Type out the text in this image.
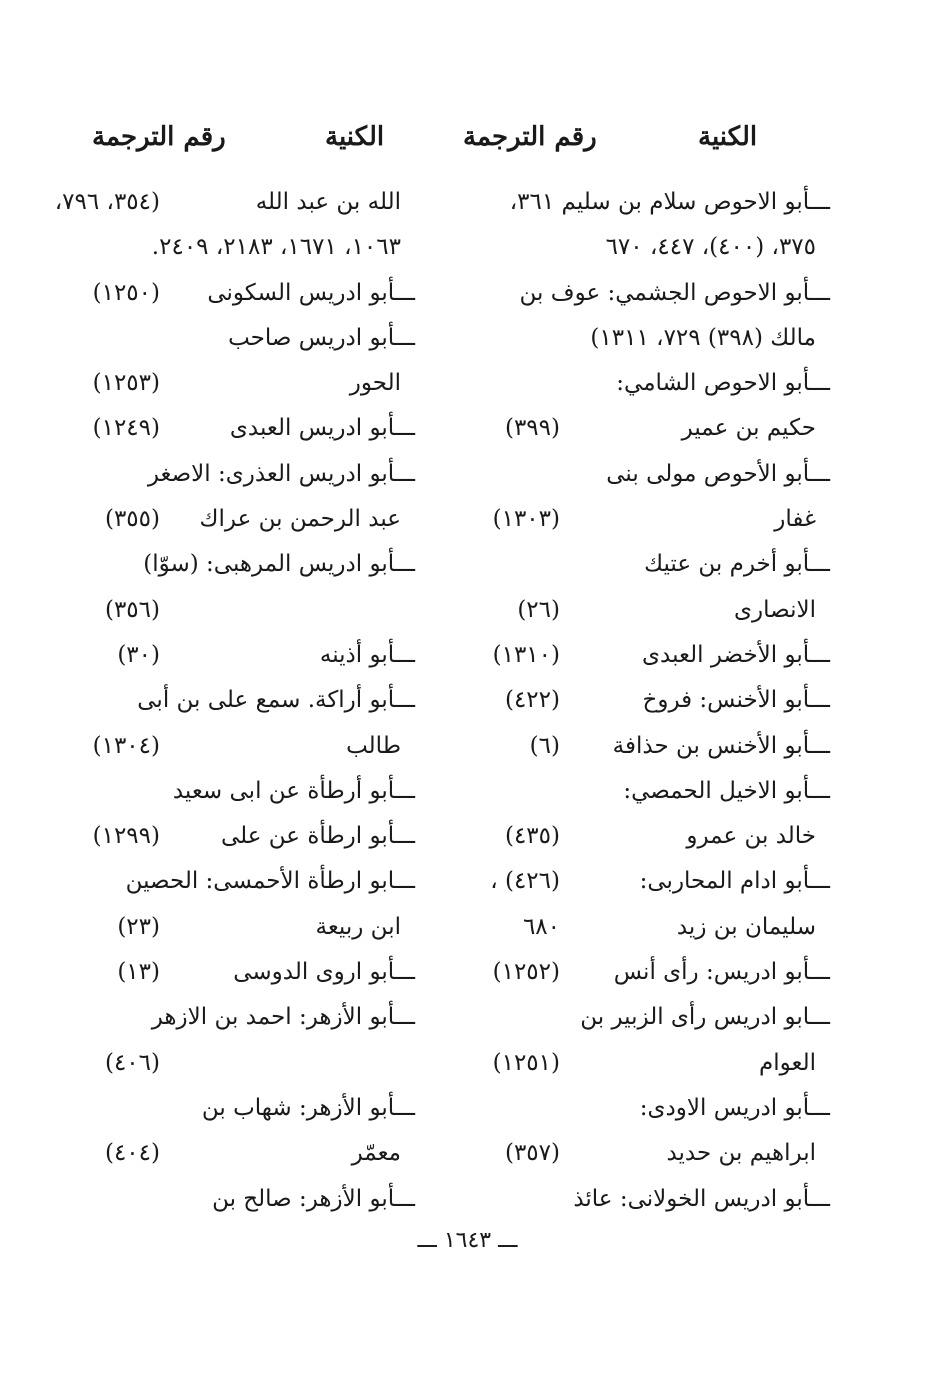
الكنية
رقم الترجمة
الكنية
رقم الترجمة
ـــأبو الاحوص سلام بن سليم ٣٦١،
٣٧٥، (٤٠٠)، ٤٤٧، ٦٧٠
ـــأبو الاحوص الجشمي: عوف بن
مالك (٣٩٨) ٧٢٩، ١٣١١)
ـــأبو الاحوص الشامي:
حكيم بن عمير
(٣٩٩)
ـــأبو الأحوص مولى بنى
غفار
(١٣٠٣)
ـــأبو أخرم بن عتيك
الانصارى
(٢٦)
ـــأبو الأخضر العبدى
(١٣١٠)
ـــأبو الأخنس: فروخ
(٤٢٢)
ـــأبو الأخنس بن حذافة
(٦)
ـــأبو الاخيل الحمصي:
خالد بن عمرو
(٤٣٥)
ـــأبو ادام المحاربى:
(٤٢٦) ،
سليمان بن زيد
٦٨٠
ـــأبو ادريس: رأى أنس
(١٢٥٢)
ـــابو ادريس رأى الزبير بن
العوام
(١٢٥١)
ـــأبو ادريس الاودى:
ابراهيم بن حديد
(٣٥٧)
ـــأبو ادريس الخولانى: عائذ
الله بن عبد الله
(٣٥٤، ٧٩٦،
١٠٦٣، ١٦٧١، ٢١٨٣، ٢٤٠٩.
ـــأبو ادريس السكونى
(١٢٥٠)
ـــأبو ادريس صاحب
الحور
(١٢٥٣)
ـــأبو ادريس العبدى
(١٢٤٩)
ـــأبو ادريس العذرى: الاصغر
عبد الرحمن بن عراك
(٣٥٥)
ـــأبو ادريس المرهبى: (سوّا)
(٣٥٦)
ـــأبو أذينه
(٣٠)
ـــأبو أراكة. سمع على بن أبى
طالب
(١٣٠٤)
ـــأبو أرطأة عن ابى سعيد
ـــأبو ارطأة عن على
(١٢٩٩)
ـــابو ارطأة الأحمسى: الحصين
ابن ربيعة
(٢٣)
ـــأبو اروى الدوسى
(١٣)
ـــأبو الأزهر: احمد بن الازهر
(٤٠٦)
ـــأبو الأزهر: شهاب بن
معمّر
(٤٠٤)
ـــأبو الأزهر: صالح بن
ـــ ١٦٤٣ ـــ
